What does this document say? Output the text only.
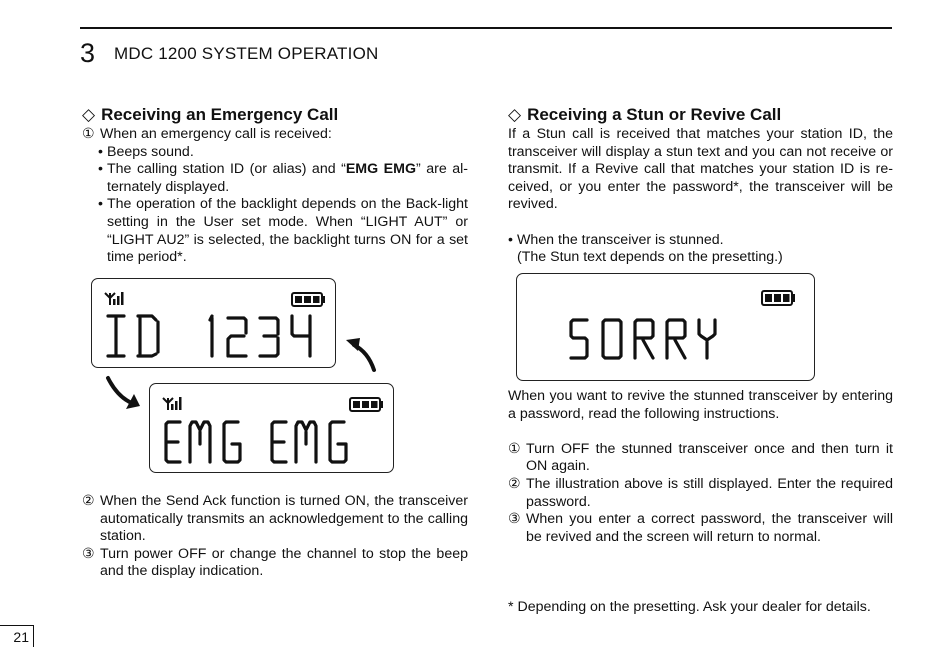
3 MDC 1200 SYSTEM OPERATION
◇ Receiving an Emergency Call
① When an emergency call is received:
• Beeps sound.
• The calling station ID (or alias) and “EMG EMG” are al-ternately displayed.
• The operation of the backlight depends on the Back-light setting in the User set mode. When “LIGHT AUT” or “LIGHT AU2” is selected, the backlight turns ON for a set time period*.
② When the Send Ack function is turned ON, the transceiver automatically transmits an acknowledgement to the calling station.
③ Turn power OFF or change the channel to stop the beep and the display indication.
◇ Receiving a Stun or Revive Call

If a Stun call is received that matches your station ID, the transceiver will display a stun text and you can not receive or transmit. If a Revive call that matches your station ID is re-ceived, or you enter the password*, the transceiver will be revived.

• When the transceiver is stunned.

(The Stun text depends on the presetting.)

When you want to revive the stunned transceiver by entering a password, read the following instructions.

① Turn OFF the stunned transceiver once and then turn it ON again.
② The illustration above is still displayed. Enter the required password.
③ When you enter a correct password, the transceiver will be revived and the screen will return to normal.
* Depending on the presetting. Ask your dealer for details.
21
